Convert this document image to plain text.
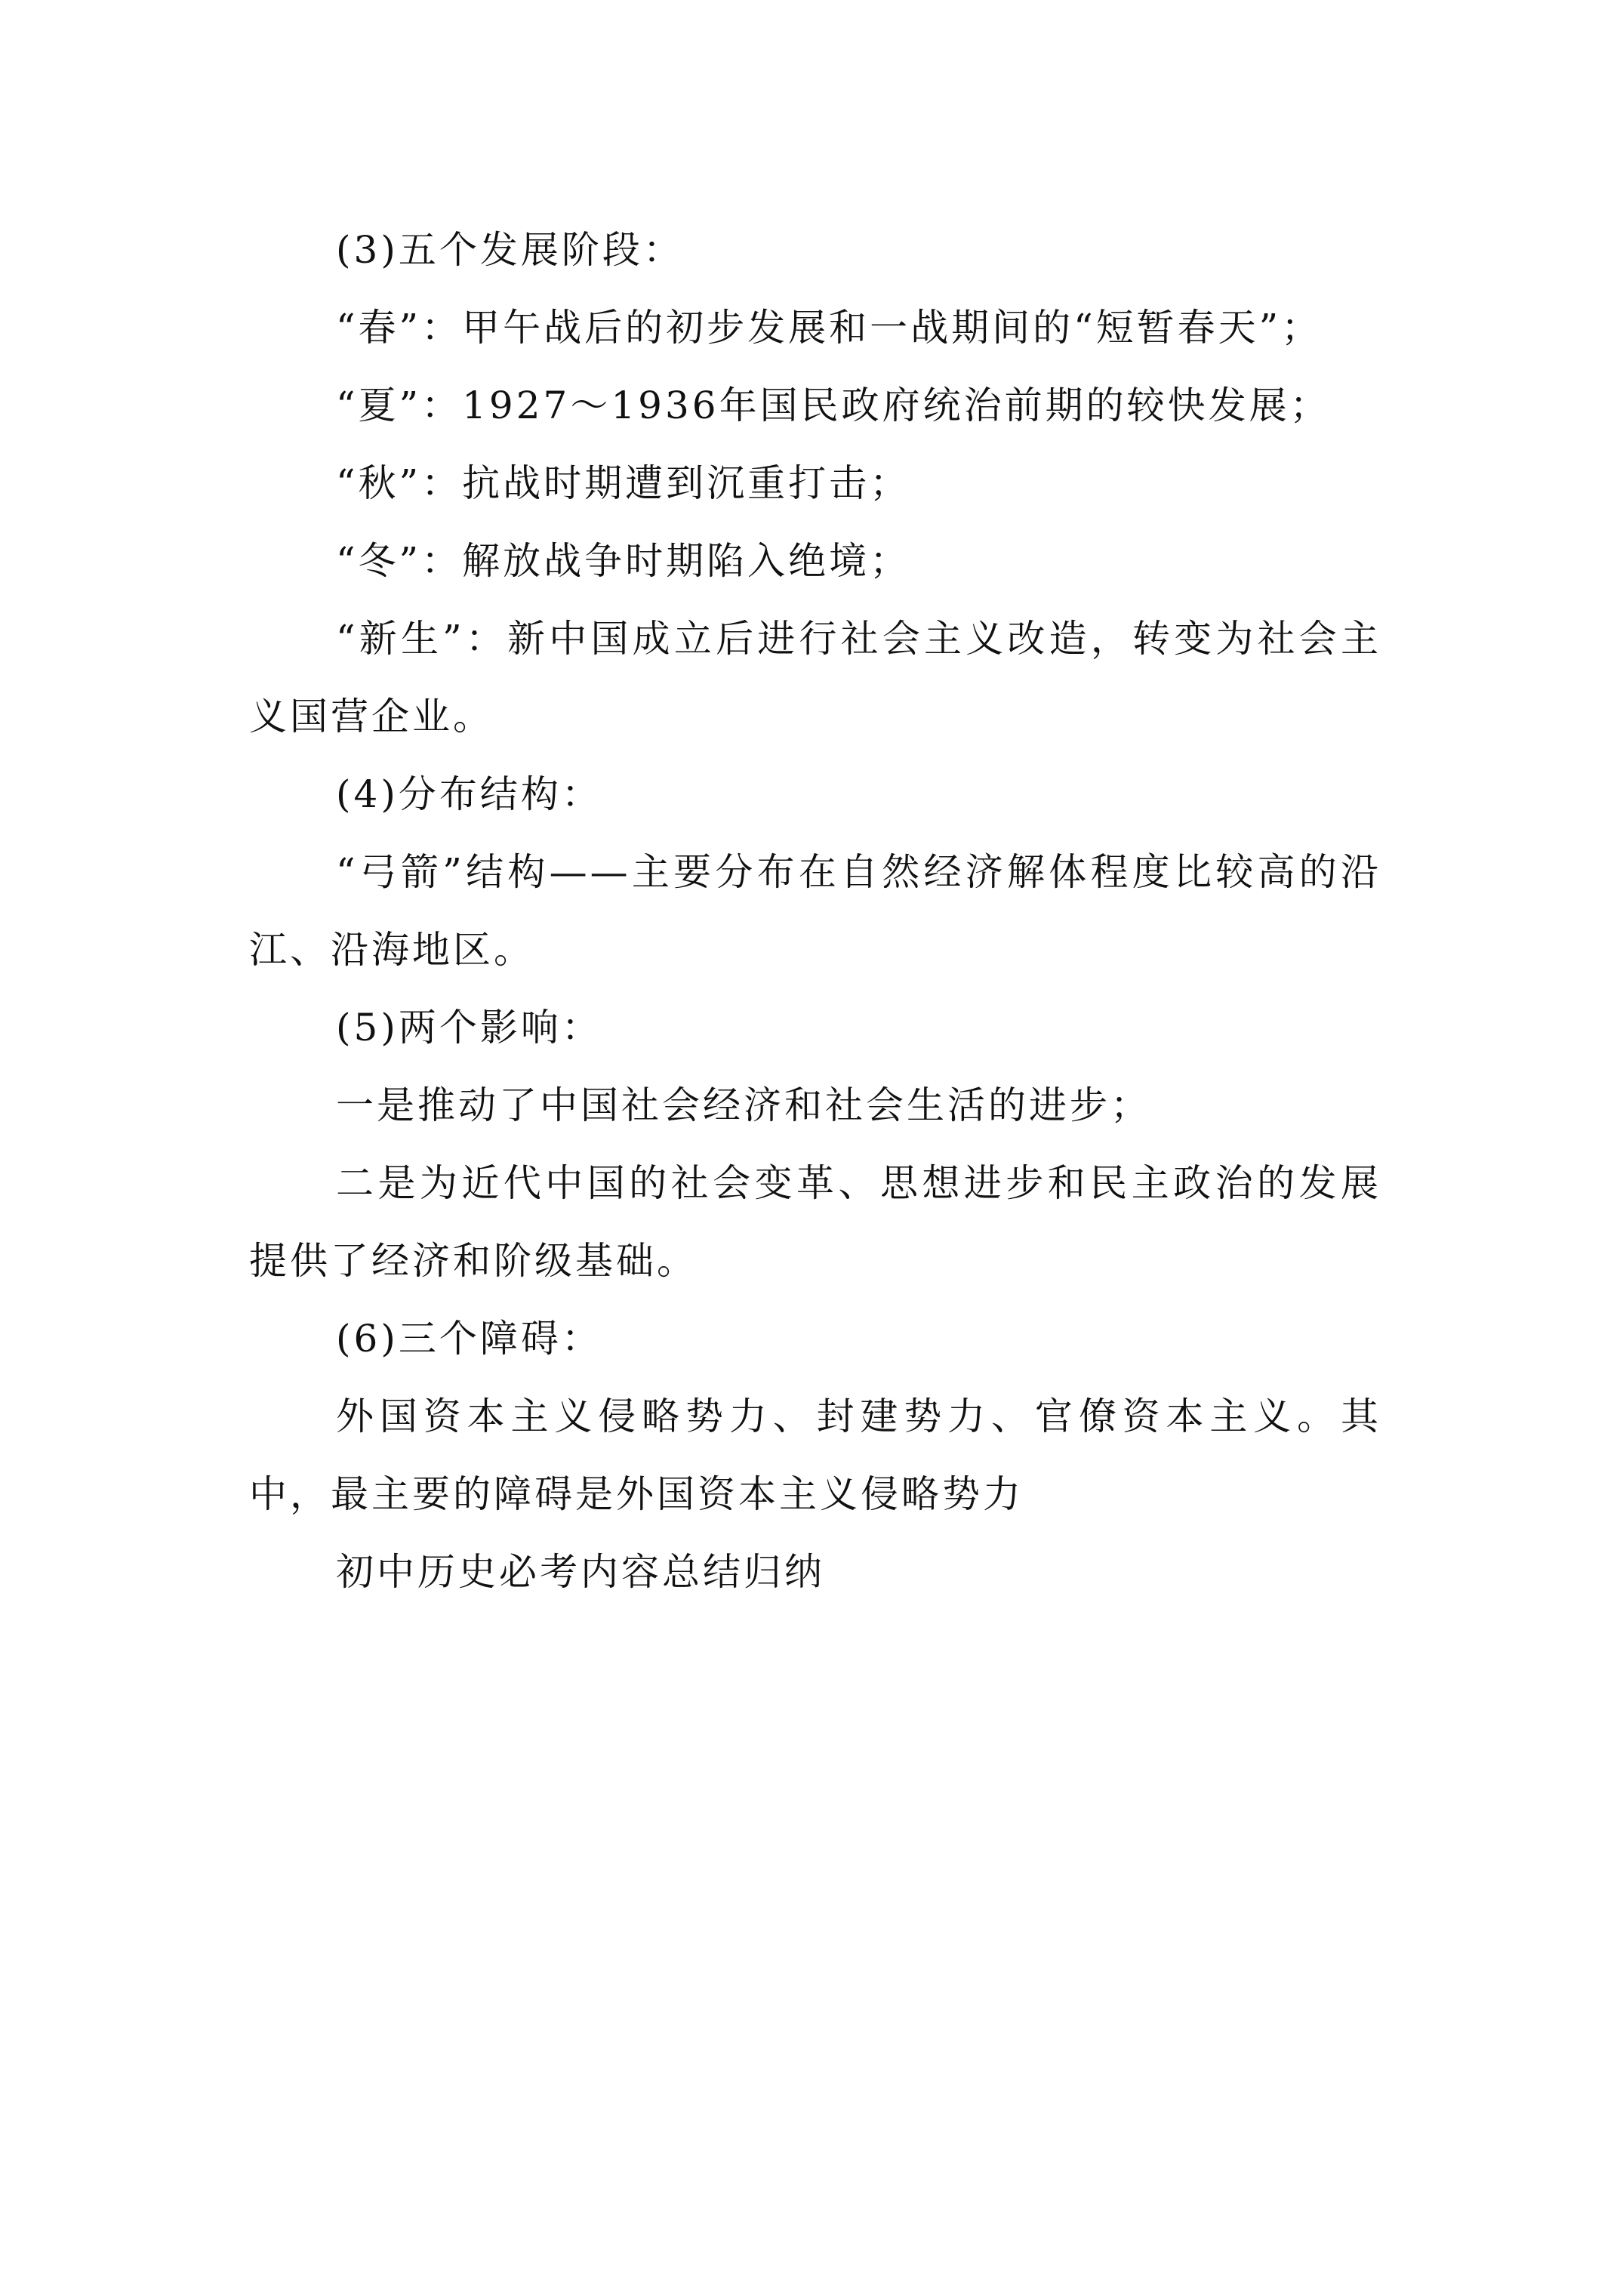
(3)五个发展阶段：

“春”：甲午战后的初步发展和一战期间的“短暂春天”；

“夏”：1927～1936年国民政府统治前期的较快发展；

“秋”：抗战时期遭到沉重打击；

“冬”：解放战争时期陷入绝境；

“新生”：新中国成立后进行社会主义改造，转变为社会主义国营企业。

(4)分布结构：

“弓箭”结构——主要分布在自然经济解体程度比较高的沿江、沿海地区。

(5)两个影响：

一是推动了中国社会经济和社会生活的进步；

二是为近代中国的社会变革、思想进步和民主政治的发展提供了经济和阶级基础。

(6)三个障碍：

外国资本主义侵略势力、封建势力、官僚资本主义。其中，最主要的障碍是外国资本主义侵略势力

初中历史必考内容总结归纳
